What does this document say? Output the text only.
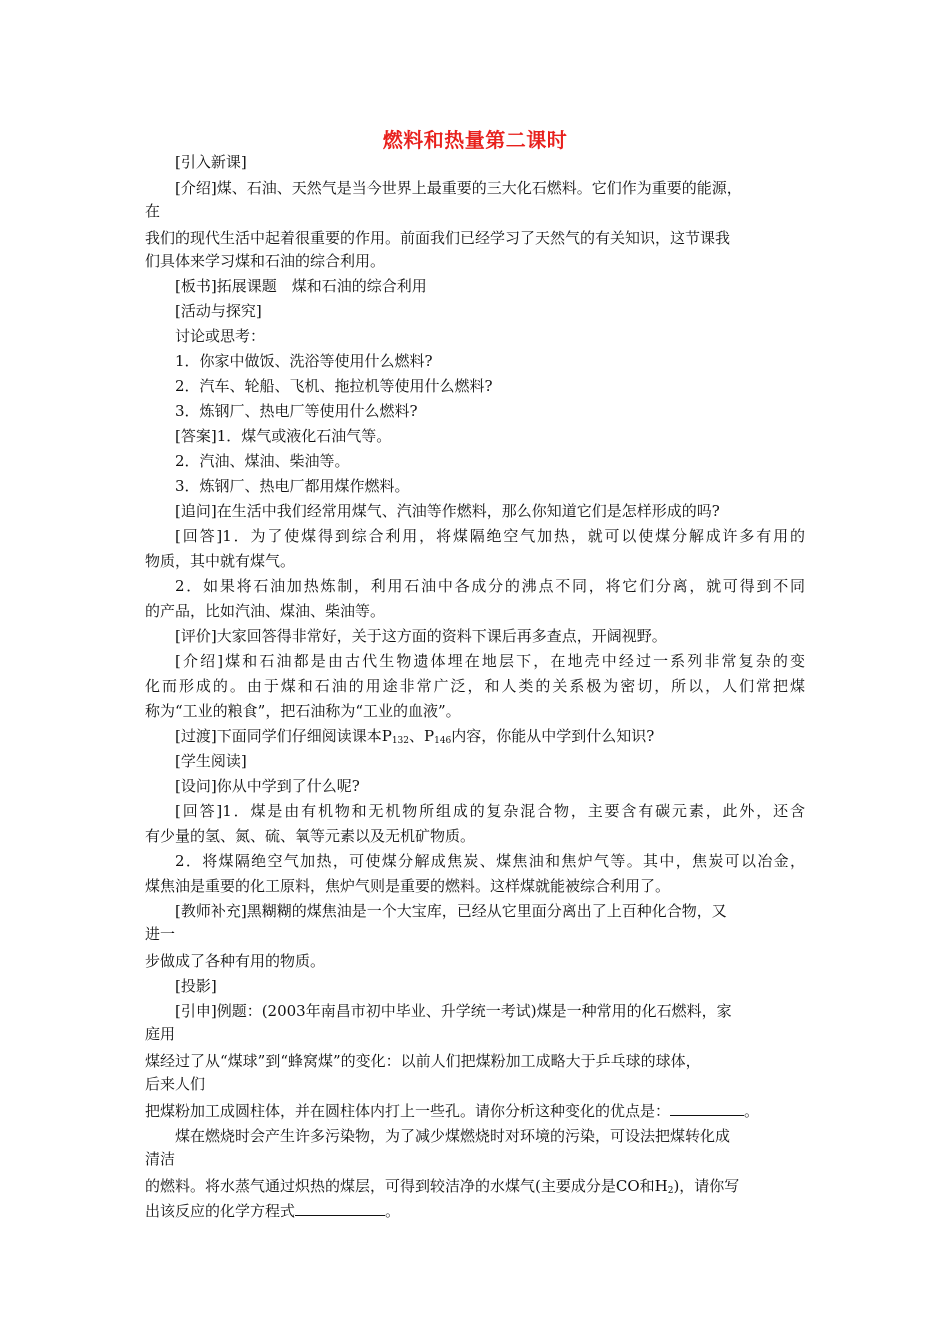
燃料和热量第二课时

[引入新课]

[介绍]煤、石油、天然气是当今世界上最重要的三大化石燃料。它们作为重要的能源，

在

我们的现代生活中起着很重要的作用。前面我们已经学习了天然气的有关知识，这节课我

们具体来学习煤和石油的综合利用。

[板书]拓展课题　煤和石油的综合利用

[活动与探究]

讨论或思考：

1．你家中做饭、洗浴等使用什么燃料?

2．汽车、轮船、飞机、拖拉机等使用什么燃料?

3．炼钢厂、热电厂等使用什么燃料?

[答案]1．煤气或液化石油气等。

2．汽油、煤油、柴油等。

3．炼钢厂、热电厂都用煤作燃料。

[追问]在生活中我们经常用煤气、汽油等作燃料，那么你知道它们是怎样形成的吗?

[回答]1．为了使煤得到综合利用，将煤隔绝空气加热，就可以使煤分解成许多有用的

物质，其中就有煤气。

2．如果将石油加热炼制，利用石油中各成分的沸点不同，将它们分离，就可得到不同

的产品，比如汽油、煤油、柴油等。

[评价]大家回答得非常好，关于这方面的资料下课后再多查点，开阔视野。

[介绍]煤和石油都是由古代生物遗体埋在地层下，在地壳中经过一系列非常复杂的变

化而形成的。由于煤和石油的用途非常广泛，和人类的关系极为密切，所以，人们常把煤

称为“工业的粮食”，把石油称为“工业的血液”。

[过渡]下面同学们仔细阅读课本$P_{132}$、$P_{146}$内容，你能从中学到什么知识?

[学生阅读]

[设问]你从中学到了什么呢?

[回答]1．煤是由有机物和无机物所组成的复杂混合物，主要含有碳元素，此外，还含

有少量的氢、氮、硫、氧等元素以及无机矿物质。

2．将煤隔绝空气加热，可使煤分解成焦炭、煤焦油和焦炉气等。其中，焦炭可以冶金，

煤焦油是重要的化工原料，焦炉气则是重要的燃料。这样煤就能被综合利用了。

[教师补充]黑糊糊的煤焦油是一个大宝库，已经从它里面分离出了上百种化合物，又

进一

步做成了各种有用的物质。

[投影]

[引申]例题：(2003年南昌市初中毕业、升学统一考试)煤是一种常用的化石燃料，家

庭用

煤经过了从“煤球”到“蜂窝煤”的变化：以前人们把煤粉加工成略大于乒乓球的球体，

后来人们

把煤粉加工成圆柱体，并在圆柱体内打上一些孔。请你分析这种变化的优点是：	。

煤在燃烧时会产生许多污染物，为了减少煤燃烧时对环境的污染，可设法把煤转化成

清洁

的燃料。将水蒸气通过炽热的煤层，可得到较洁净的水煤气(主要成分是CO和$H_2$)，请你写

出该反应的化学方程式	。
